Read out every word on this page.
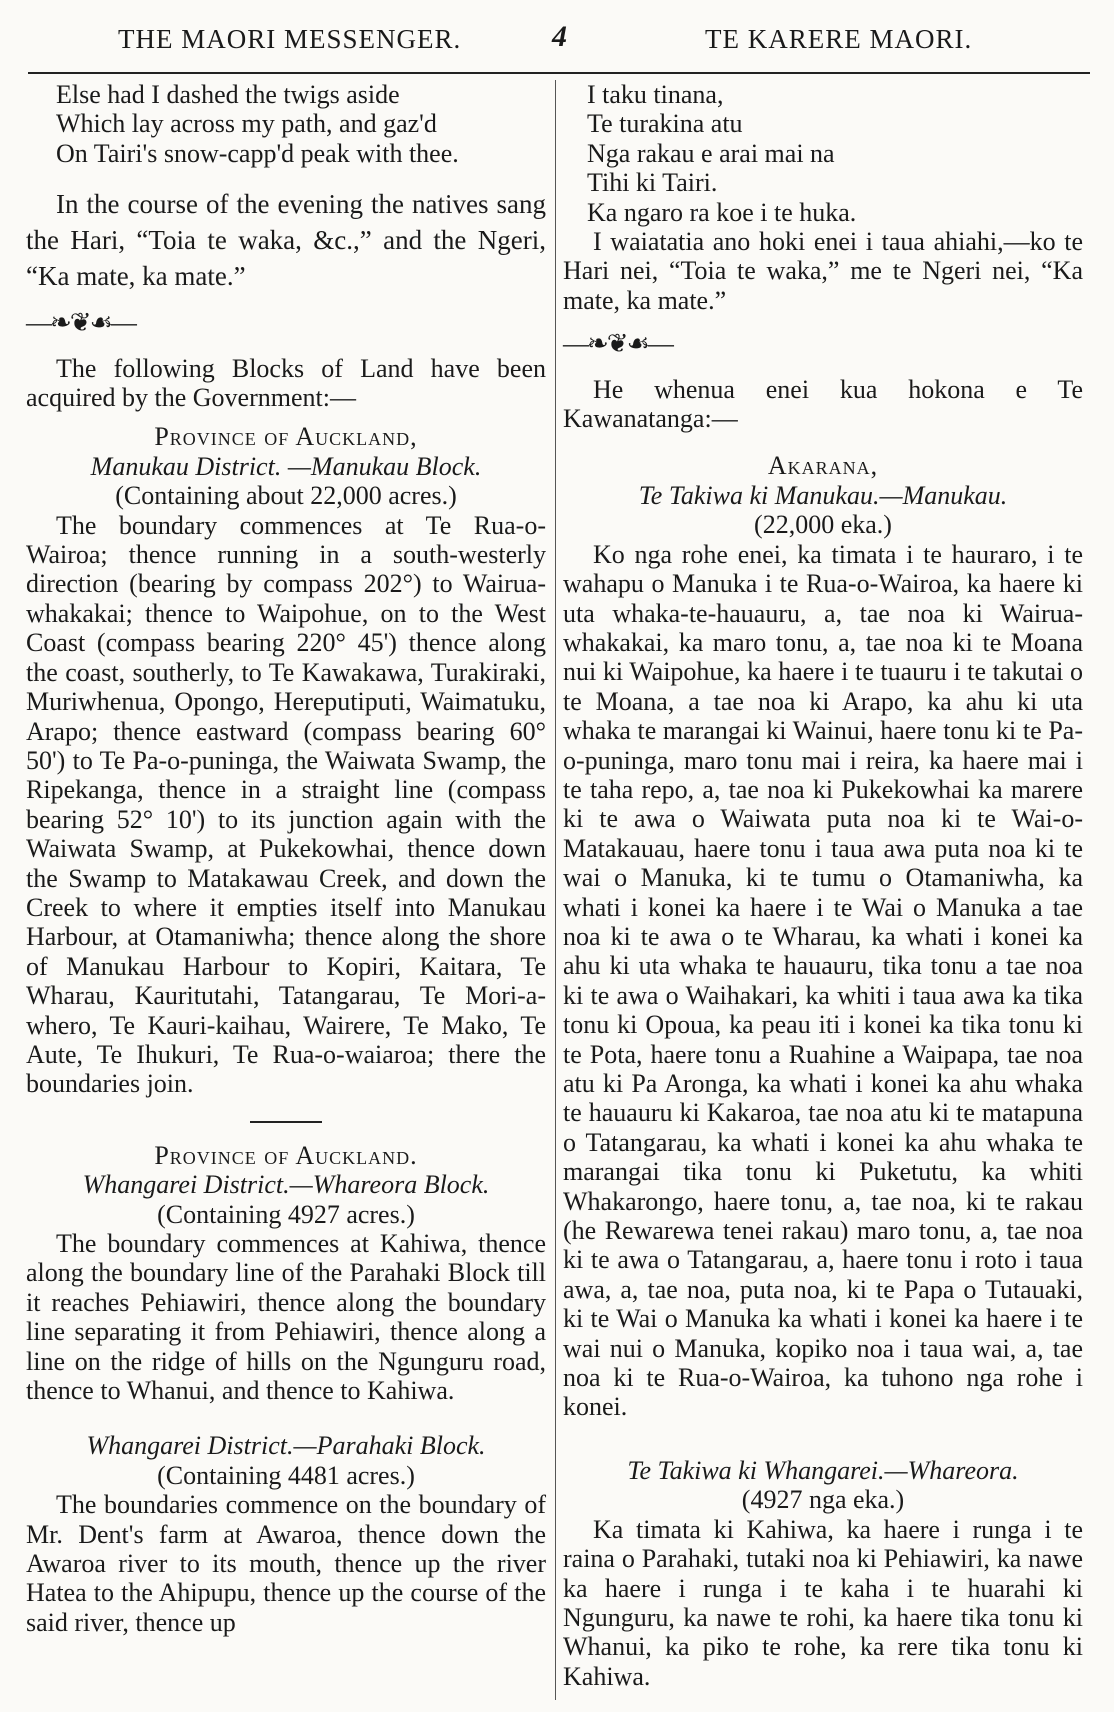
THE MAORI MESSENGER.	4	TE KARERE MAORI.
Else had I dashed the twigs aside
Which lay across my path, and gaz'd
On Tairi's snow-capp'd peak with thee.

In the course of the evening the natives sang the Hari, “Toia te waka, &c.,” and the Ngeri, “Ka mate, ka mate.”

—❧❦☙—

The following Blocks of Land have been acquired by the Government:—

Province of Auckland,

Manukau District. —Manukau Block.

(Containing about 22,000 acres.)

The boundary commences at Te Rua-o-Wairoa; thence running in a south-westerly direction (bearing by compass 202°) to Wairua-whakakai; thence to Waipohue, on to the West Coast (compass bearing 220° 45') thence along the coast, southerly, to Te Kawakawa, Turakiraki, Muriwhenua, Opongo, Hereputiputi, Waimatuku, Arapo; thence eastward (compass bearing 60° 50') to Te Pa-o-puninga, the Waiwata Swamp, the Ripekanga, thence in a straight line (compass bearing 52° 10') to its junction again with the Waiwata Swamp, at Pukekowhai, thence down the Swamp to Matakawau Creek, and down the Creek to where it empties itself into Manukau Harbour, at Otamaniwha; thence along the shore of Manukau Harbour to Kopiri, Kaitara, Te Wharau, Kauritutahi, Tatangarau, Te Mori-a-whero, Te Kauri-kaihau, Wairere, Te Mako, Te Aute, Te Ihukuri, Te Rua-o-waiaroa; there the boundaries join.

Province of Auckland.

Whangarei District.—Whareora Block.

(Containing 4927 acres.)

The boundary commences at Kahiwa, thence along the boundary line of the Parahaki Block till it reaches Pehiawiri, thence along the boundary line separating it from Pehiawiri, thence along a line on the ridge of hills on the Ngunguru road, thence to Whanui, and thence to Kahiwa.

Whangarei District.—Parahaki Block.

(Containing 4481 acres.)

The boundaries commence on the boundary of Mr. Dent's farm at Awaroa, thence down the Awaroa river to its mouth, thence up the river Hatea to the Ahipupu, thence up the course of the said river, thence up

I taku tinana,
Te turakina atu
Nga rakau e arai mai na
Tihi ki Tairi.
Ka ngaro ra koe i te huka.

I waiatatia ano hoki enei i taua ahiahi,—ko te Hari nei, “Toia te waka,” me te Ngeri nei, “Ka mate, ka mate.”

—❧❦☙—

He whenua enei kua hokona e Te Kawanatanga:—

Akarana,

Te Takiwa ki Manukau.—Manukau.

(22,000 eka.)

Ko nga rohe enei, ka timata i te hauraro, i te wahapu o Manuka i te Rua-o-Wairoa, ka haere ki uta whaka-te-hauauru, a, tae noa ki Wairua-whakakai, ka maro tonu, a, tae noa ki te Moana nui ki Waipohue, ka haere i te tuauru i te takutai o te Moana, a tae noa ki Arapo, ka ahu ki uta whaka te marangai ki Wainui, haere tonu ki te Pa-o-puninga, maro tonu mai i reira, ka haere mai i te taha repo, a, tae noa ki Pukekowhai ka marere ki te awa o Waiwata puta noa ki te Wai-o-Matakauau, haere tonu i taua awa puta noa ki te wai o Manuka, ki te tumu o Otamaniwha, ka whati i konei ka haere i te Wai o Manuka a tae noa ki te awa o te Wharau, ka whati i konei ka ahu ki uta whaka te hauauru, tika tonu a tae noa ki te awa o Waihakari, ka whiti i taua awa ka tika tonu ki Opoua, ka peau iti i konei ka tika tonu ki te Pota, haere tonu a Ruahine a Waipapa, tae noa atu ki Pa Aronga, ka whati i konei ka ahu whaka te hauauru ki Kakaroa, tae noa atu ki te matapuna o Tatangarau, ka whati i konei ka ahu whaka te marangai tika tonu ki Puketutu, ka whiti Whakarongo, haere tonu, a, tae noa, ki te rakau (he Rewarewa tenei rakau) maro tonu, a, tae noa ki te awa o Tatangarau, a, haere tonu i roto i taua awa, a, tae noa, puta noa, ki te Papa o Tutauaki, ki te Wai o Manuka ka whati i konei ka haere i te wai nui o Manuka, kopiko noa i taua wai, a, tae noa ki te Rua-o-Wairoa, ka tuhono nga rohe i konei.

Te Takiwa ki Whangarei.—Whareora.

(4927 nga eka.)

Ka timata ki Kahiwa, ka haere i runga i te raina o Parahaki, tutaki noa ki Pehiawiri, ka nawe ka haere i runga i te kaha i te huarahi ki Ngunguru, ka nawe te rohi, ka haere tika tonu ki Whanui, ka piko te rohe, ka rere tika tonu ki Kahiwa.
